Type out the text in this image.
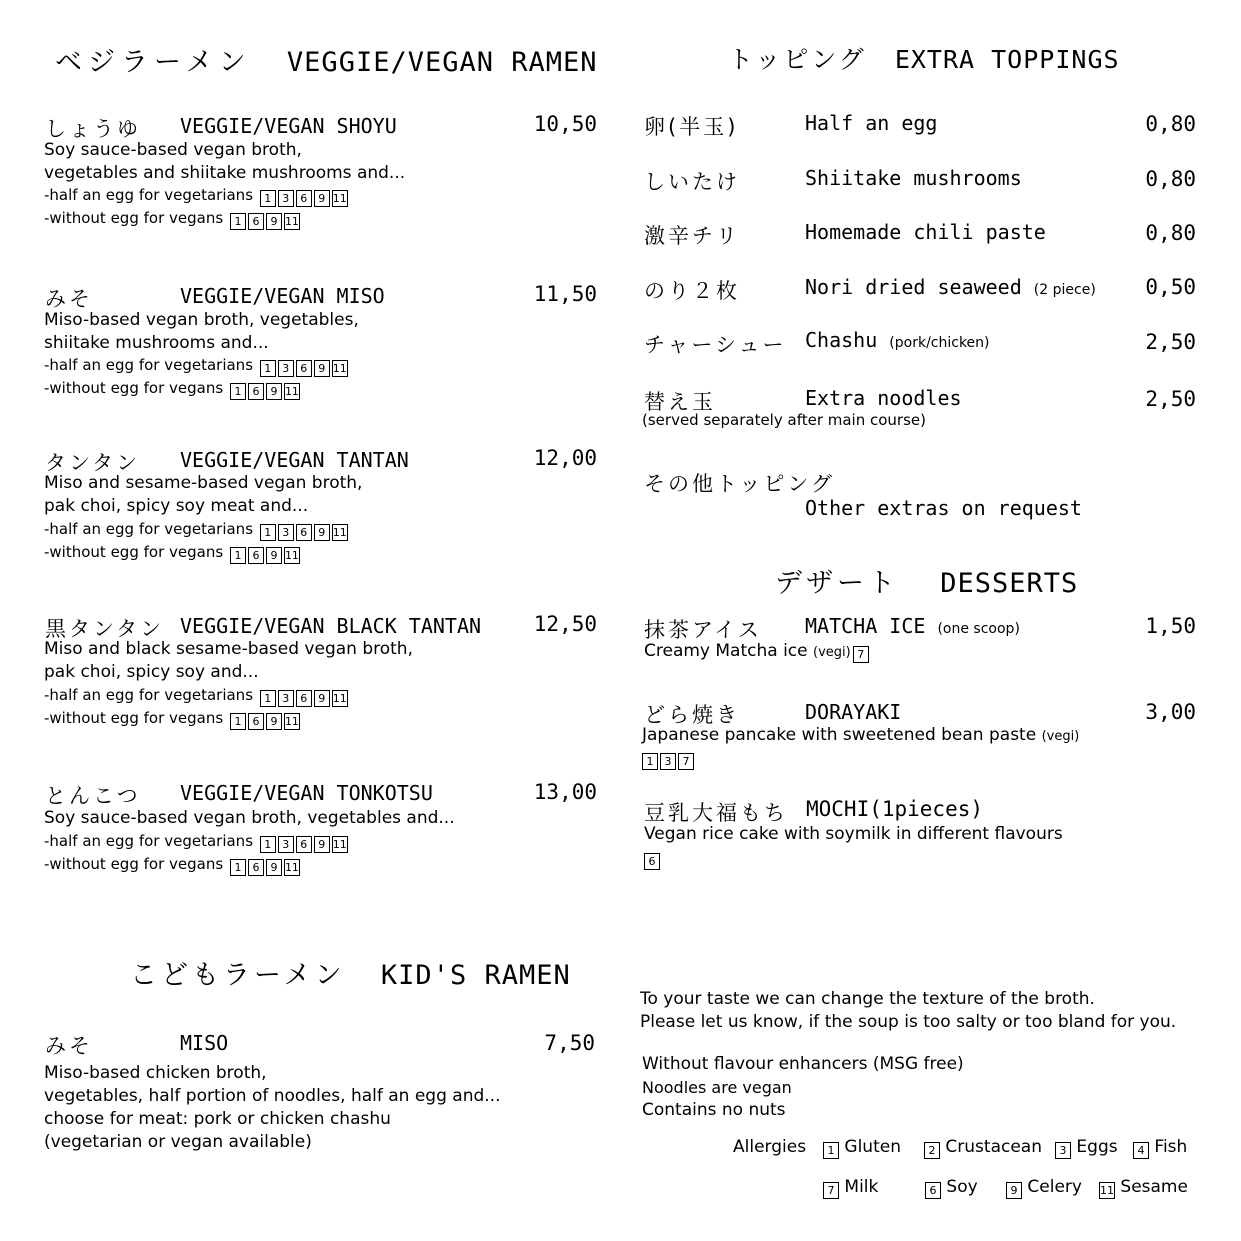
ベジラーメン VEGGIE/VEGAN RAMEN
しょうゆ VEGGIE/VEGAN SHOYU	10,50
Soy sauce-based vegan broth,
vegetables and shiitake mushrooms and...
-half an egg for vegetarians 1 3 6 9 11
-without egg for vegans 1 6 9 11
みそ	VEGGIE/VEGAN MISO	11,50
Miso-based vegan broth, vegetables,
shiitake mushrooms and...
-half an egg for vegetarians 1 3 6 9 11
-without egg for vegans 1 6 9 11
タンタン VEGGIE/VEGAN TANTAN	12,00
Miso and sesame-based vegan broth,
pak choi, spicy soy meat and...
-half an egg for vegetarians 1 3 6 9 11
-without egg for vegans 1 6 9 11
黒タンタン VEGGIE/VEGAN BLACK TANTAN	12,50
Miso and black sesame-based vegan broth,
pak choi, spicy soy and...
-half an egg for vegetarians 1 3 6 9 11
-without egg for vegans 1 6 9 11
とんこつ VEGGIE/VEGAN TONKOTSU	13,00
Soy sauce-based vegan broth, vegetables and...
-half an egg for vegetarians 1 3 6 9 11
-without egg for vegans 1 6 9 11
こどもラーメン KID'S RAMEN
みそ	MISO	7,50
Miso-based chicken broth,
vegetables, half portion of noodles, half an egg and...
choose for meat: pork or chicken chashu
(vegetarian or vegan available)
トッピング EXTRA TOPPINGS
卵(半玉)	Half an egg	0,80
しいたけ	Shiitake mushrooms	0,80
激辛チリ	Homemade chili paste	0,80
のり２枚	Nori dried seaweed (2 piece) 0,50
チャーシュー Chashu (pork/chicken)	2,50
替え玉	Extra noodles	2,50
(served separately after main course)
その他トッピング
Other extras on request
デザート DESSERTS
抹茶アイス MATCHA ICE (one scoop)	1,50
Creamy Matcha ice (vegi) 7
どら焼き	DORAYAKI	3,00
Japanese pancake with sweetened bean paste (vegi)
1 3 7
豆乳大福もち MOCHI(1pieces)
Vegan rice cake with soymilk in different flavours
6
To your taste we can change the texture of the broth.
Please let us know, if the soup is too salty or too bland for you.
Without flavour enhancers (MSG free)
Noodles are vegan
Contains no nuts
Allergies	1 Gluten	2 Crustacean	3 Eggs	4 Fish
7 Milk	6 Soy	9 Celery 11 Sesame
